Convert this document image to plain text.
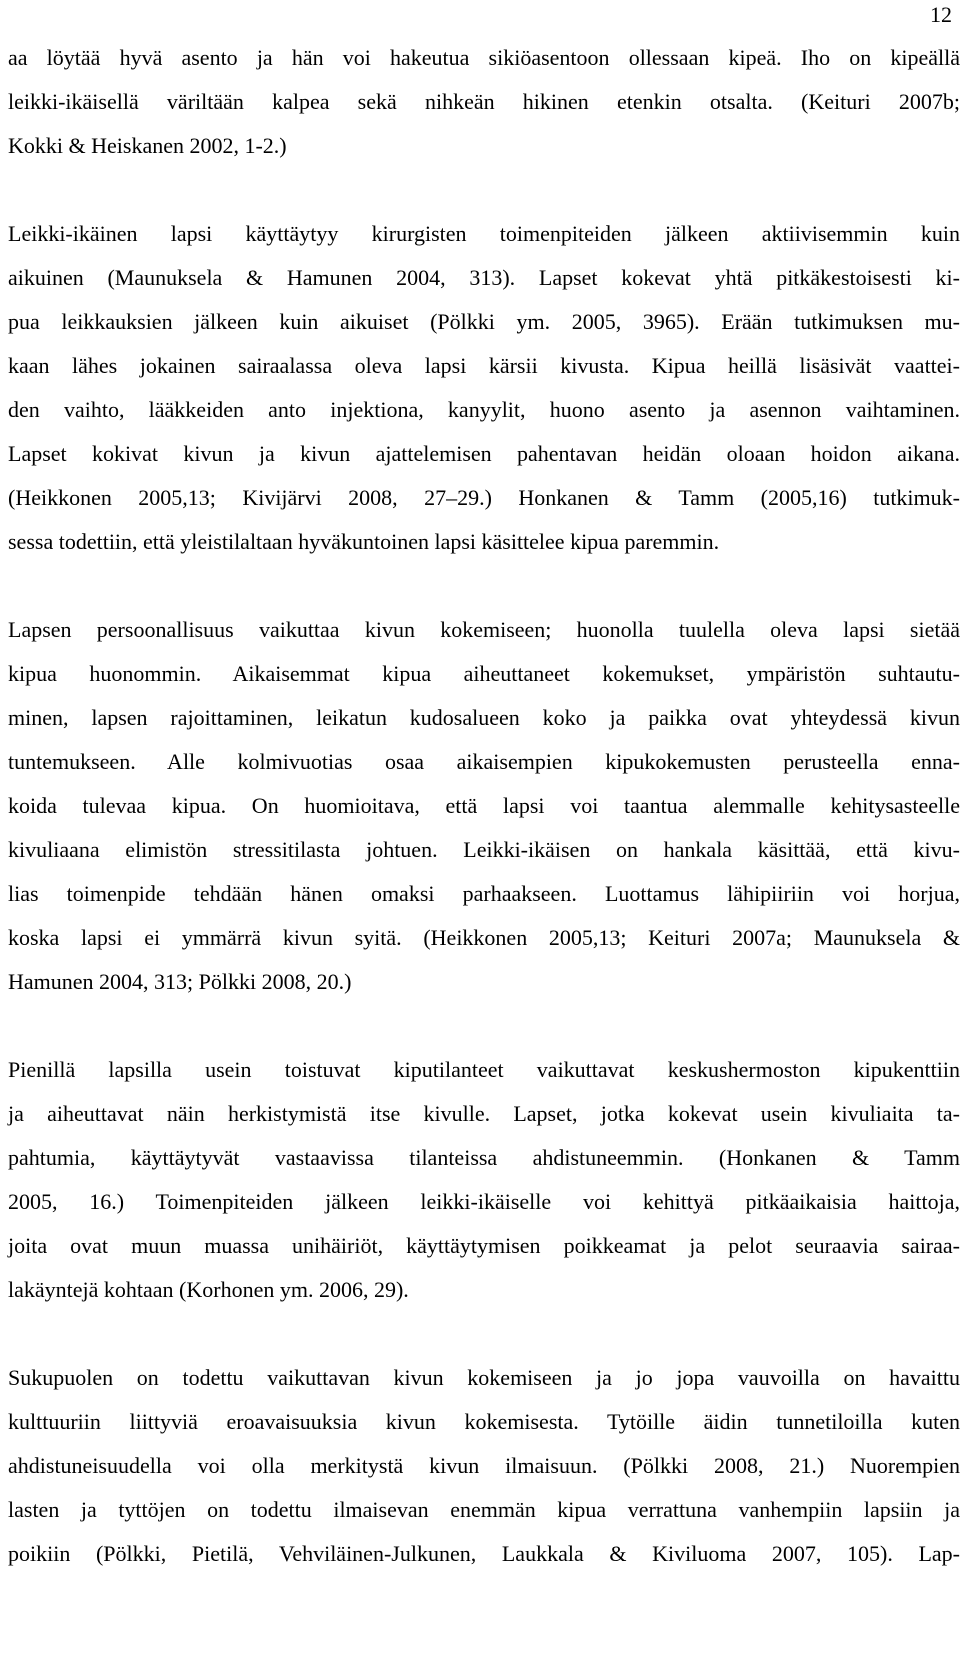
12
aa löytää hyvä asento ja hän voi hakeutua sikiöasentoon ollessaan kipeä. Iho on kipeällä
leikki-ikäisellä väriltään kalpea sekä nihkeän hikinen etenkin otsalta. (Keituri 2007b;
Kokki & Heiskanen 2002, 1-2.)
Leikki-ikäinen lapsi käyttäytyy kirurgisten toimenpiteiden jälkeen aktiivisemmin kuin
aikuinen (Maunuksela & Hamunen 2004, 313). Lapset kokevat yhtä pitkäkestoisesti ki-
pua leikkauksien jälkeen kuin aikuiset (Pölkki ym. 2005, 3965). Erään tutkimuksen mu-
kaan lähes jokainen sairaalassa oleva lapsi kärsii kivusta. Kipua heillä lisäsivät vaattei-
den vaihto, lääkkeiden anto injektiona, kanyylit, huono asento ja asennon vaihtaminen.
Lapset kokivat kivun ja kivun ajattelemisen pahentavan heidän oloaan hoidon aikana.
(Heikkonen 2005,13; Kivijärvi 2008, 27–29.) Honkanen & Tamm (2005,16) tutkimuk-
sessa todettiin, että yleistilaltaan hyväkuntoinen lapsi käsittelee kipua paremmin.
Lapsen persoonallisuus vaikuttaa kivun kokemiseen; huonolla tuulella oleva lapsi sietää
kipua huonommin. Aikaisemmat kipua aiheuttaneet kokemukset, ympäristön suhtautu-
minen, lapsen rajoittaminen, leikatun kudosalueen koko ja paikka ovat yhteydessä kivun
tuntemukseen. Alle kolmivuotias osaa aikaisempien kipukokemusten perusteella enna-
koida tulevaa kipua. On huomioitava, että lapsi voi taantua alemmalle kehitysasteelle
kivuliaana elimistön stressitilasta johtuen. Leikki-ikäisen on hankala käsittää, että kivu-
lias toimenpide tehdään hänen omaksi parhaakseen. Luottamus lähipiiriin voi horjua,
koska lapsi ei ymmärrä kivun syitä. (Heikkonen 2005,13; Keituri 2007a; Maunuksela &
Hamunen 2004, 313; Pölkki 2008, 20.)
Pienillä lapsilla usein toistuvat kiputilanteet vaikuttavat keskushermoston kipukenttiin
ja aiheuttavat näin herkistymistä itse kivulle. Lapset, jotka kokevat usein kivuliaita ta-
pahtumia, käyttäytyvät vastaavissa tilanteissa ahdistuneemmin. (Honkanen & Tamm
2005, 16.) Toimenpiteiden jälkeen leikki-ikäiselle voi kehittyä pitkäaikaisia haittoja,
joita ovat muun muassa unihäiriöt, käyttäytymisen poikkeamat ja pelot seuraavia sairaa-
lakäyntejä kohtaan (Korhonen ym. 2006, 29).
Sukupuolen on todettu vaikuttavan kivun kokemiseen ja jo jopa vauvoilla on havaittu
kulttuuriin liittyviä eroavaisuuksia kivun kokemisesta. Tytöille äidin tunnetiloilla kuten
ahdistuneisuudella voi olla merkitystä kivun ilmaisuun. (Pölkki 2008, 21.) Nuorempien
lasten ja tyttöjen on todettu ilmaisevan enemmän kipua verrattuna vanhempiin lapsiin ja
poikiin (Pölkki, Pietilä, Vehviläinen-Julkunen, Laukkala & Kiviluoma 2007, 105). Lap-
